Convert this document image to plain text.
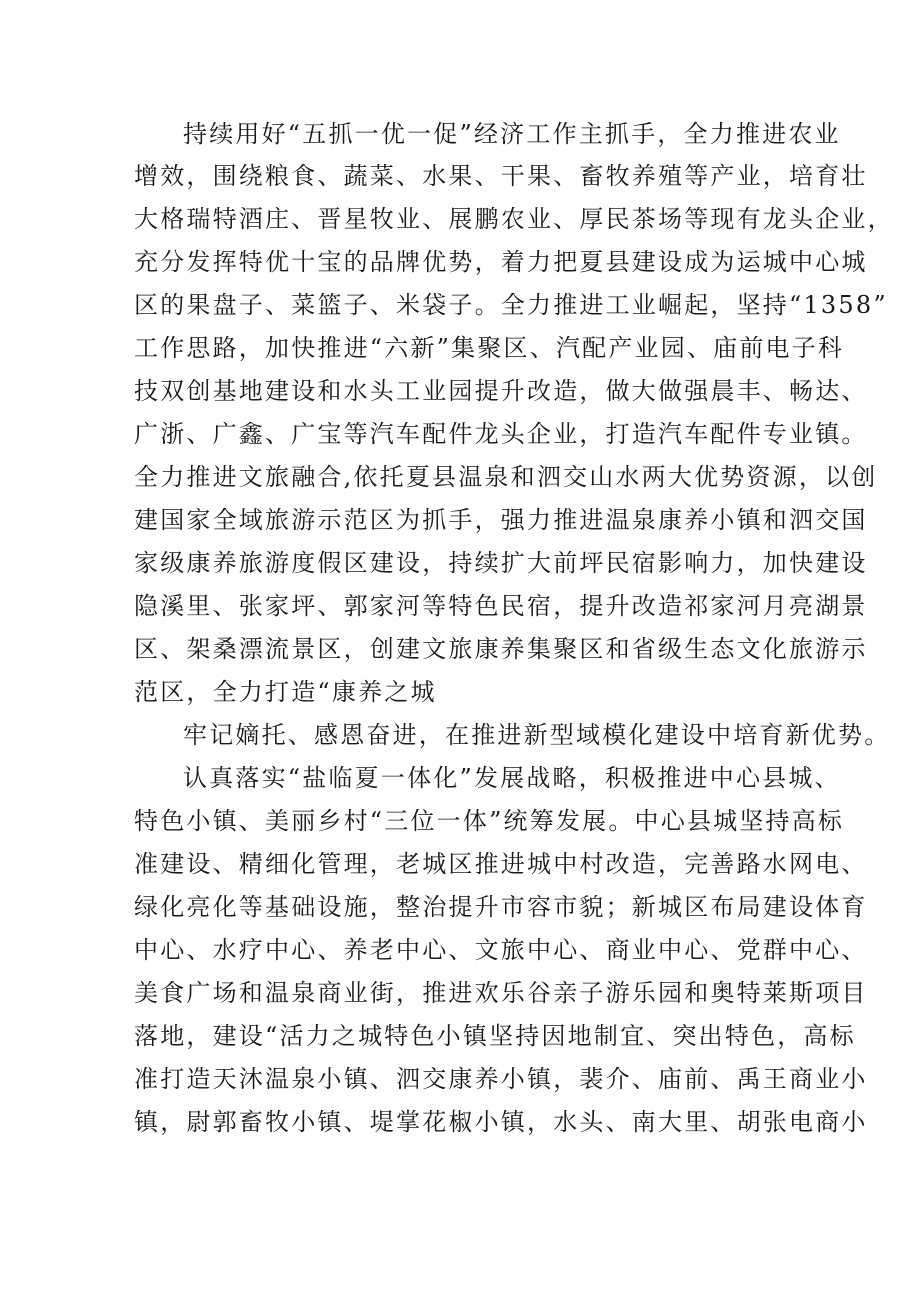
持续用好“五抓一优一促”经济工作主抓手，全力推进农业
增效，围绕粮食、蔬菜、水果、干果、畜牧养殖等产业，培育壮
大格瑞特酒庄、晋星牧业、展鹏农业、厚民茶场等现有龙头企业，
充分发挥特优十宝的品牌优势，着力把夏县建设成为运城中心城
区的果盘子、菜篮子、米袋子。全力推进工业崛起，坚持“1358”
工作思路，加快推进“六新”集聚区、汽配产业园、庙前电子科
技双创基地建设和水头工业园提升改造，做大做强晨丰、畅达、
广浙、广鑫、广宝等汽车配件龙头企业，打造汽车配件专业镇。
全力推进文旅融合,依托夏县温泉和泗交山水两大优势资源，以创
建国家全域旅游示范区为抓手，强力推进温泉康养小镇和泗交国
家级康养旅游度假区建设，持续扩大前坪民宿影响力，加快建设
隐溪里、张家坪、郭家河等特色民宿，提升改造祁家河月亮湖景
区、架桑漂流景区，创建文旅康养集聚区和省级生态文化旅游示
范区，全力打造“康养之城
牢记嫡托、感恩奋进，在推进新型域模化建设中培育新优势。
认真落实“盐临夏一体化”发展战略，积极推进中心县城、
特色小镇、美丽乡村“三位一体”统筹发展。中心县城坚持高标
准建设、精细化管理，老城区推进城中村改造，完善路水网电、
绿化亮化等基础设施，整治提升市容市貌；新城区布局建设体育
中心、水疗中心、养老中心、文旅中心、商业中心、党群中心、
美食广场和温泉商业街，推进欢乐谷亲子游乐园和奥特莱斯项目
落地，建设“活力之城特色小镇坚持因地制宜、突出特色，高标
准打造天沐温泉小镇、泗交康养小镇，裴介、庙前、禹王商业小
镇，尉郭畜牧小镇、堤掌花椒小镇，水头、南大里、胡张电商小
